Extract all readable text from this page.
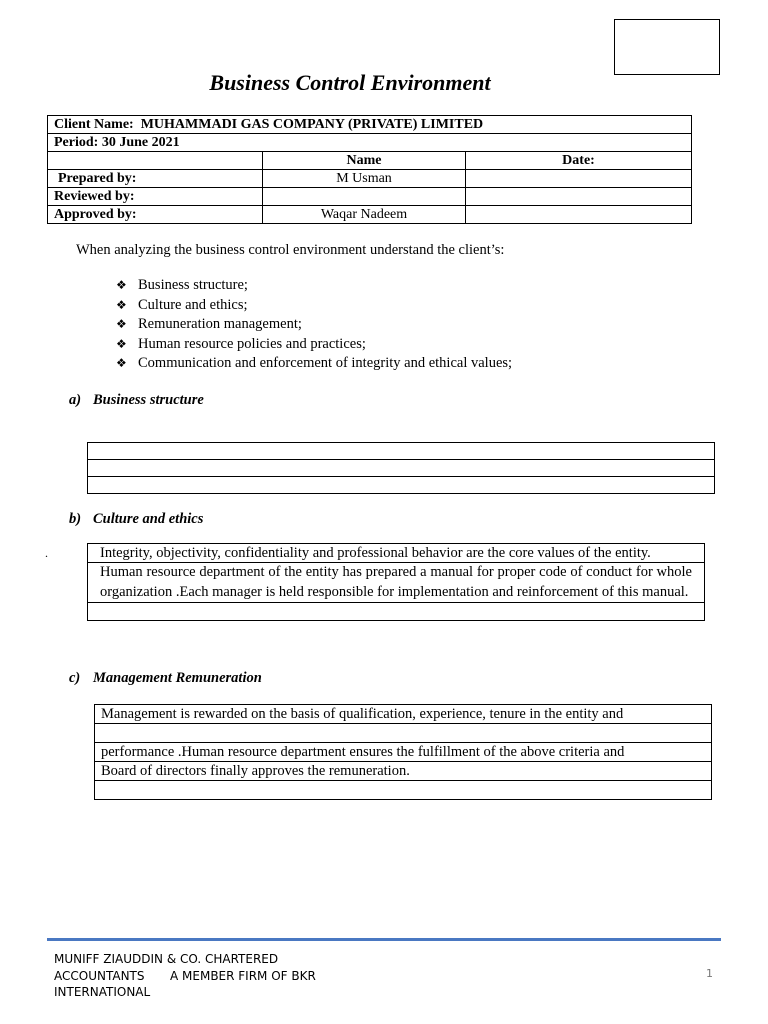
Business Control Environment
Client Name: MUHAMMADI GAS COMPANY (PRIVATE) LIMITED		
Period: 30 June 2021		
	Name	Date:
Prepared by:	M Usman	
Reviewed by:		
Approved by:	Waqar Nadeem	
When analyzing the business control environment understand the client’s:
❖ Business structure;
❖ Culture and ethics;
❖ Remuneration management;
❖ Human resource policies and practices;
❖ Communication and enforcement of integrity and ethical values;
a) Business structure

b) Culture and ethics
.	Integrity, objectivity, confidentiality and professional behavior are the core values of the entity.
Human resource department of the entity has prepared a manual for proper code of conduct for whole organization .Each manager is held responsible for implementation and reinforcement of this manual.

c) Management Remuneration
Management is rewarded on the basis of qualification, experience, tenure in the entity and

performance .Human resource department ensures the fulfillment of the above criteria and
Board of directors finally approves the remuneration.

MUNIFF ZIAUDDIN & CO. CHARTERED
ACCOUNTANTS A MEMBER FIRM OF BKR
INTERNATIONAL
1
